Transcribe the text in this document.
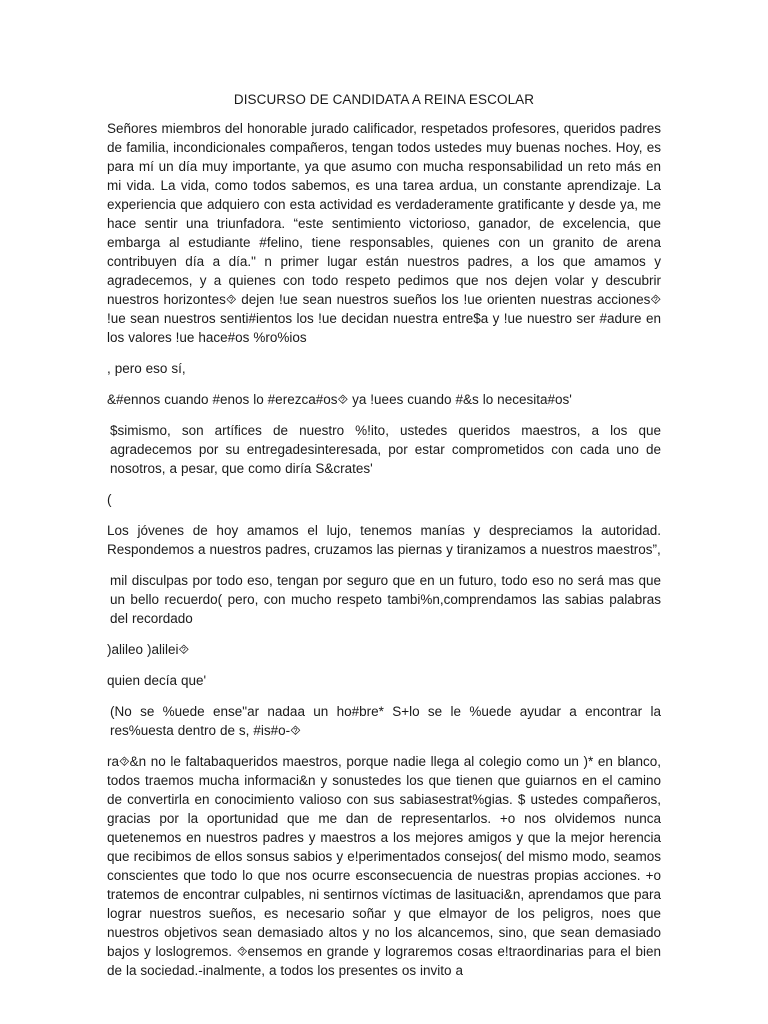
DISCURSO DE CANDIDATA A REINA ESCOLAR

Señores miembros del honorable jurado calificador, respetados profesores, queridos padres de familia, incondicionales compañeros, tengan todos ustedes muy buenas noches. Hoy, es para mí un día muy importante, ya que asumo con mucha responsabilidad un reto más en mi vida. La vida, como todos sabemos, es una tarea ardua, un constante aprendizaje. La experiencia que adquiero con esta actividad es verdaderamente gratificante y desde ya, me hace sentir una triunfadora. “este sentimiento victorioso, ganador, de excelencia, que embarga al estudiante #felino, tiene responsables, quienes con un granito de arena contribuyen día a día." n primer lugar están nuestros padres, a los que amamos y agradecemos, y a quienes con todo respeto pedimos que nos dejen volar y descubrir nuestros horizontes⯑ dejen !ue sean nuestros sueños los !ue orienten nuestras acciones⯑ !ue sean nuestros senti#ientos los !ue decidan nuestra entre$a y !ue nuestro ser #adure en los valores !ue hace#os %ro%ios

, pero eso sí,

&#ennos cuando #enos lo #erezca#os⯑ ya !uees cuando #&s lo necesita#os'

$simismo, son artífices de nuestro %!ito, ustedes queridos maestros, a los que agradecemos por su entregadesinteresada, por estar comprometidos con cada uno de nosotros, a pesar, que como diría S&crates'

(

Los jóvenes de hoy amamos el lujo, tenemos manías y despreciamos la autoridad. Respondemos a nuestros padres, cruzamos las piernas y tiranizamos a nuestros maestros”,

mil disculpas por todo eso, tengan por seguro que en un futuro, todo eso no será mas que un bello recuerdo( pero, con mucho respeto tambi%n,comprendamos las sabias palabras del recordado

)alileo )alilei⯑

quien decía que'

(No se %uede ense"ar nadaa un ho#bre* S+lo se le %uede ayudar a encontrar la res%uesta dentro de s, #is#o-⯑

ra⯑&n no le faltabaqueridos maestros, porque nadie llega al colegio como un )* en blanco, todos traemos mucha informaci&n y sonustedes los que tienen que guiarnos en el camino de convertirla en conocimiento valioso con sus sabiasestrat%gias. $ ustedes compañeros, gracias por la oportunidad que me dan de representarlos. +o nos olvidemos nunca quetenemos en nuestros padres y maestros a los mejores amigos y que la mejor herencia que recibimos de ellos sonsus sabios y e!perimentados consejos( del mismo modo, seamos conscientes que todo lo que nos ocurre esconsecuencia de nuestras propias acciones. +o tratemos de encontrar culpables, ni sentirnos víctimas de lasituaci&n, aprendamos que para lograr nuestros sueños, es necesario soñar y que elmayor de los peligros, noes que nuestros objetivos sean demasiado altos y no los alcancemos, sino, que sean demasiado bajos y loslogremos. ⯑ensemos en grande y lograremos cosas e!traordinarias para el bien de la sociedad.-inalmente, a todos los presentes os invito a
